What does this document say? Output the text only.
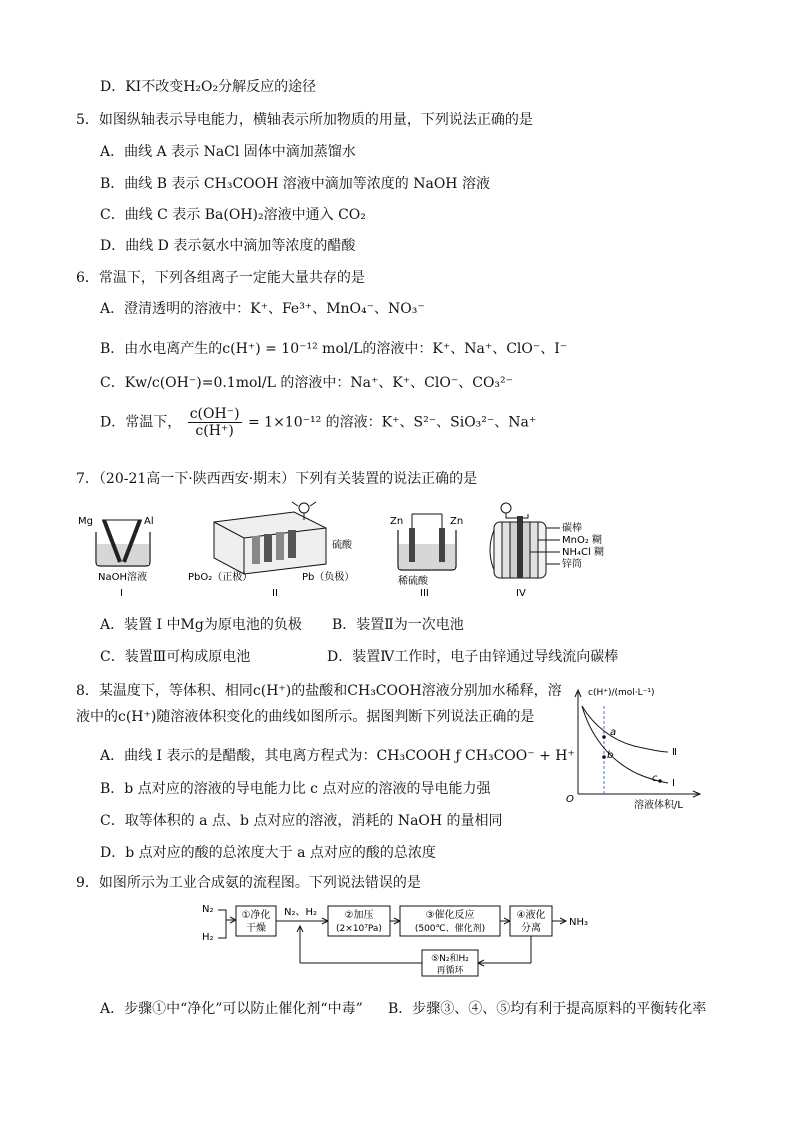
D．KI不改变H₂O₂分解反应的途径
5．如图纵轴表示导电能力，横轴表示所加物质的用量，下列说法正确的是
A．曲线 A 表示 NaCl 固体中滴加蒸馏水
B．曲线 B 表示 CH₃COOH 溶液中滴加等浓度的 NaOH 溶液
C．曲线 C 表示 Ba(OH)₂溶液中通入 CO₂
D．曲线 D 表示氨水中滴加等浓度的醋酸
6．常温下，下列各组离子一定能大量共存的是
A．澄清透明的溶液中：K⁺、Fe³⁺、MnO₄⁻、NO₃⁻
B．由水电离产生的c(H⁺) = 10⁻¹² mol/L的溶液中：K⁺、Na⁺、ClO⁻、I⁻
C．Kw/c(OH⁻)=0.1mol/L 的溶液中：Na⁺、K⁺、ClO⁻、CO₃²⁻
D．常温下， $\frac{c(OH^-)}{c(H^+)} = 1\times 10^{-12}$ 的溶液：K⁺、S²⁻、SiO₃²⁻、Na⁺
7．（20-21高一下·陕西西安·期末）下列有关装置的说法正确的是
Mg	Al
NaOH溶液
I
硫酸
PbO₂（正极）	Pb（负极）
II
Zn	Zn
稀硫酸
III
碳棒
MnO₂ 糊
NH₄Cl 糊
锌筒
IV
A．装置 I 中Mg为原电池的负极 B．装置Ⅱ为一次电池
C．装置Ⅲ可构成原电池	D．装置Ⅳ工作时，电子由锌通过导线流向碳棒
8．某温度下，等体积、相同c(H⁺)的盐酸和CH₃COOH溶液分别加水稀释，溶
液中的c(H⁺)随溶液体积变化的曲线如图所示。据图判断下列说法正确的是
A．曲线 I 表示的是醋酸，其电离方程式为：CH₃COOH ƒ CH₃COO⁻ + H⁺
B．b 点对应的溶液的导电能力比 c 点对应的溶液的导电能力强
C．取等体积的 a 点、b 点对应的溶液，消耗的 NaOH 的量相同
D．b 点对应的酸的总浓度大于 a 点对应的酸的总浓度
c(H⁺)/(mol·L⁻¹)
溶液体积/L
O
a
b
c
Ⅱ
I
9．如图所示为工业合成氨的流程图。下列说法错误的是
N₂
H₂
①净化
干燥
N₂、H₂	②加压
(2×10⁷Pa)
③催化反应
(500℃、催化剂)
④液化
分离
NH₃
⑤N₂和H₂
再循环
A．步骤①中“净化”可以防止催化剂“中毒” B．步骤③、④、⑤均有利于提高原料的平衡转化率
